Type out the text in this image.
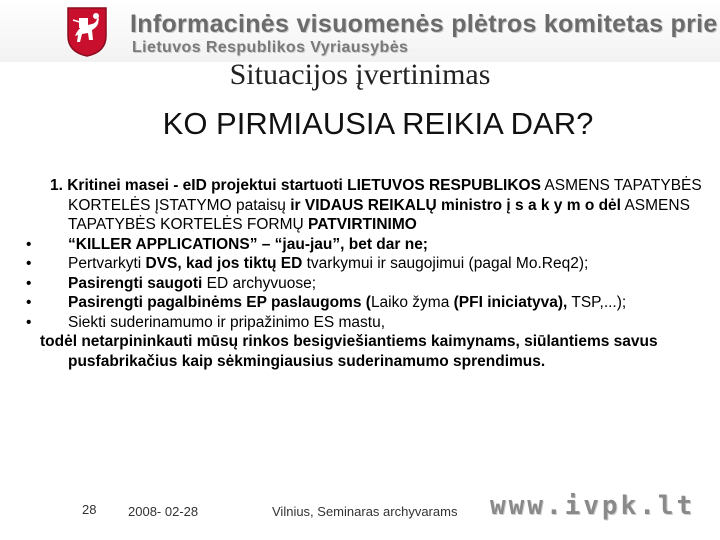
Informacinės visuomenės plėtros komitetas prie
Lietuvos Respublikos Vyriausybės
Situacijos įvertinimas
KO PIRMIAUSIA REIKIA DAR?
1. Kritinei masei - eID projektui startuoti LIETUVOS RESPUBLIKOS ASMENS TAPATYBĖS KORTELĖS ĮSTATYMO pataisų ir VIDAUS REIKALŲ ministro į s a k y m o dėl ASMENS TAPATYBĖS KORTELĖS FORMŲ PATVIRTINIMO
• “KILLER APPLICATIONS” – “jau-jau”, bet dar ne;
• Pertvarkyti DVS, kad jos tiktų ED tvarkymui ir saugojimui (pagal Mo.Req2);
• Pasirengti saugoti ED archyvuose;
• Pasirengti pagalbinėms EP paslaugoms (Laiko žyma (PFI iniciatyva), TSP,...);
• Siekti suderinamumo ir pripažinimo ES mastu,
todėl netarpininkauti mūsų rinkos besigviešiantiems kaimynams, siūlantiems savus pusfabrikačius kaip sėkmingiausius suderinamumo sprendimus.
28 2008- 02-28	Vilnius, Seminaras archyvarams www.ivpk.lt
